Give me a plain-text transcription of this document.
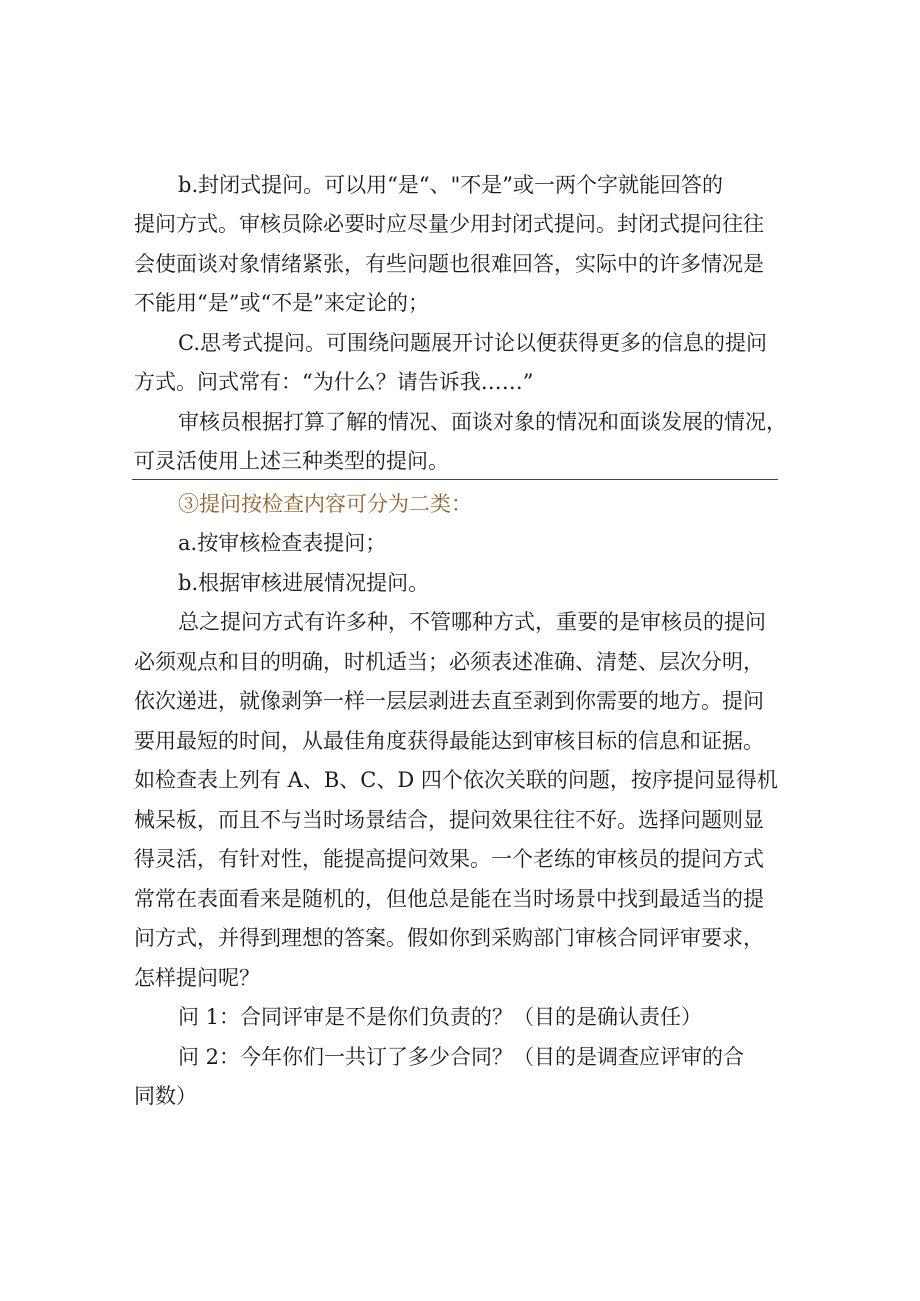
b.封闭式提问。可以用“是“、"不是”或一两个字就能回答的
提问方式。审核员除必要时应尽量少用封闭式提问。封闭式提问往往
会使面谈对象情绪紧张，有些问题也很难回答，实际中的许多情况是
不能用“是”或“不是”来定论的；
C.思考式提问。可围绕问题展开讨论以便获得更多的信息的提问
方式。问式常有：“为什么？请告诉我……”
审核员根据打算了解的情况、面谈对象的情况和面谈发展的情况，
可灵活使用上述三种类型的提问。
③提问按检查内容可分为二类：
a.按审核检查表提问；
b.根据审核进展情况提问。
总之提问方式有许多种，不管哪种方式，重要的是审核员的提问
必须观点和目的明确，时机适当；必须表述准确、清楚、层次分明，
依次递进，就像剥笋一样一层层剥进去直至剥到你需要的地方。提问
要用最短的时间，从最佳角度获得最能达到审核目标的信息和证据。
如检查表上列有 A、B、C、D 四个依次关联的问题，按序提问显得机
械呆板，而且不与当时场景结合，提问效果往往不好。选择问题则显
得灵活，有针对性，能提高提问效果。一个老练的审核员的提问方式
常常在表面看来是随机的，但他总是能在当时场景中找到最适当的提
问方式，并得到理想的答案。假如你到采购部门审核合同评审要求，
怎样提问呢？
问 1：合同评审是不是你们负责的？（目的是确认责任）
问 2：今年你们一共订了多少合同？（目的是调查应评审的合
同数）
